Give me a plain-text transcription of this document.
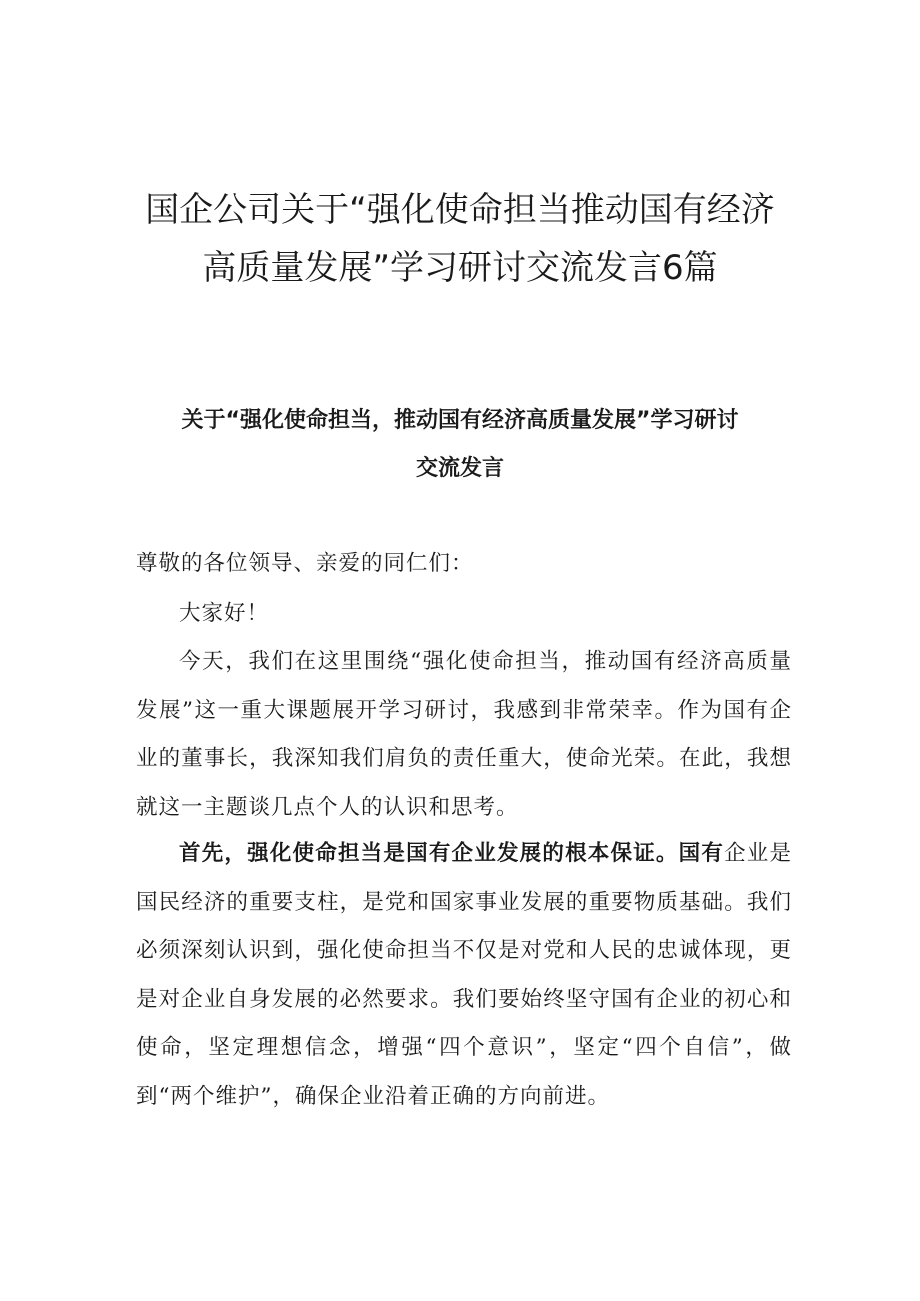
国企公司关于“强化使命担当推动国有经济
高质量发展”学习研讨交流发言6篇
关于“强化使命担当，推动国有经济高质量发展”学习研讨
交流发言

尊敬的各位领导、亲爱的同仁们：

大家好！

今天，我们在这里围绕“强化使命担当，推动国有经济高质量发展”这一重大课题展开学习研讨，我感到非常荣幸。作为国有企业的董事长，我深知我们肩负的责任重大，使命光荣。在此，我想就这一主题谈几点个人的认识和思考。

首先，强化使命担当是国有企业发展的根本保证。国有企业是国民经济的重要支柱，是党和国家事业发展的重要物质基础。我们必须深刻认识到，强化使命担当不仅是对党和人民的忠诚体现，更是对企业自身发展的必然要求。我们要始终坚守国有企业的初心和使命，坚定理想信念，增强“四个意识”，坚定“四个自信”，做到“两个维护”，确保企业沿着正确的方向前进。
